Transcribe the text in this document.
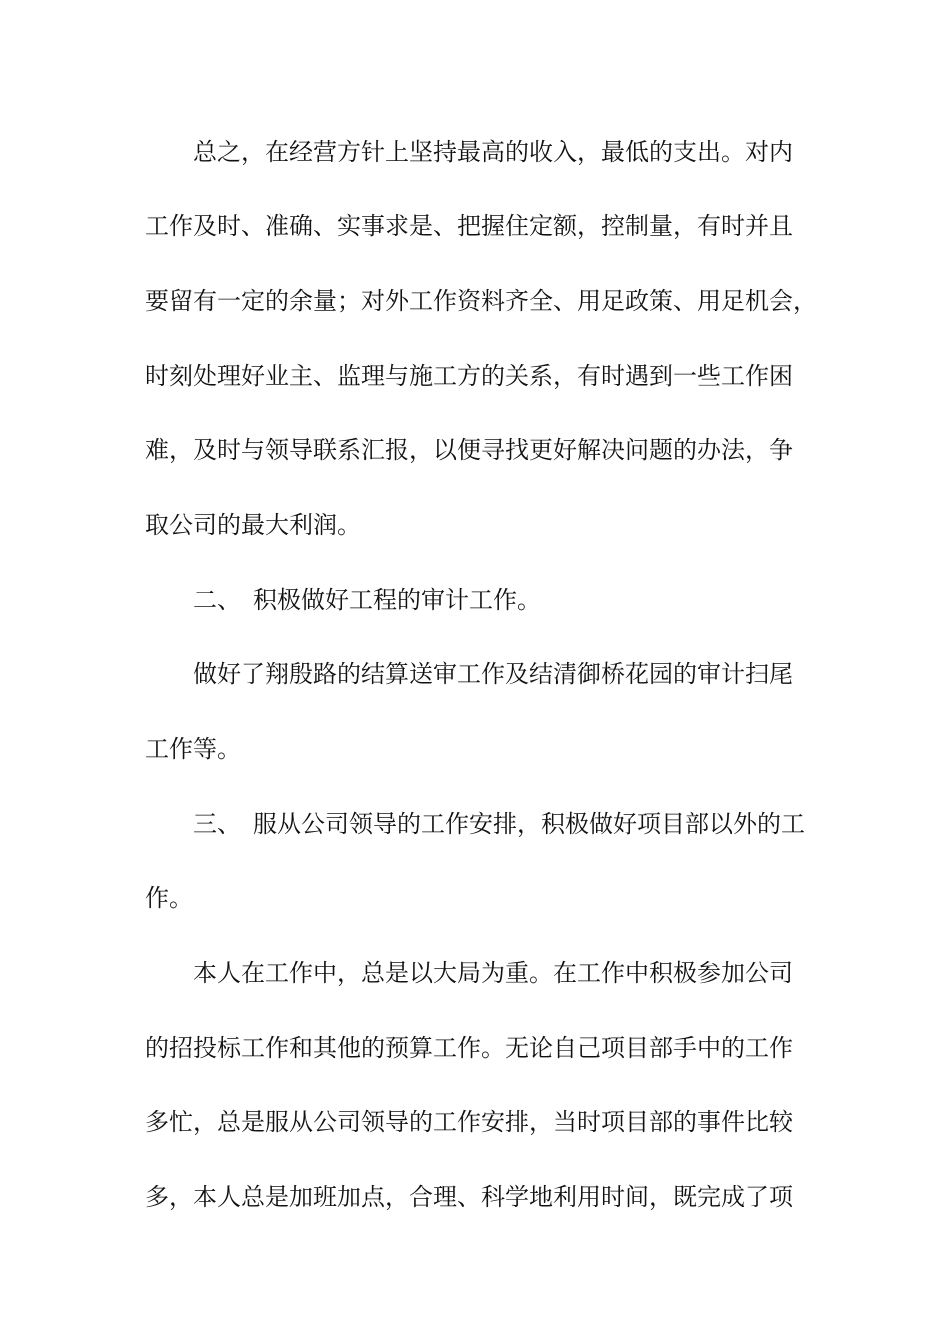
总之，在经营方针上坚持最高的收入，最低的支出。对内
工作及时、准确、实事求是、把握住定额，控制量，有时并且
要留有一定的余量；对外工作资料齐全、用足政策、用足机会，
时刻处理好业主、监理与施工方的关系，有时遇到一些工作困
难，及时与领导联系汇报，以便寻找更好解决问题的办法，争
取公司的最大利润。
二、 积极做好工程的审计工作。
做好了翔殷路的结算送审工作及结清御桥花园的审计扫尾
工作等。
三、 服从公司领导的工作安排，积极做好项目部以外的工
作。
本人在工作中，总是以大局为重。在工作中积极参加公司
的招投标工作和其他的预算工作。无论自己项目部手中的工作
多忙，总是服从公司领导的工作安排，当时项目部的事件比较
多，本人总是加班加点，合理、科学地利用时间，既完成了项
